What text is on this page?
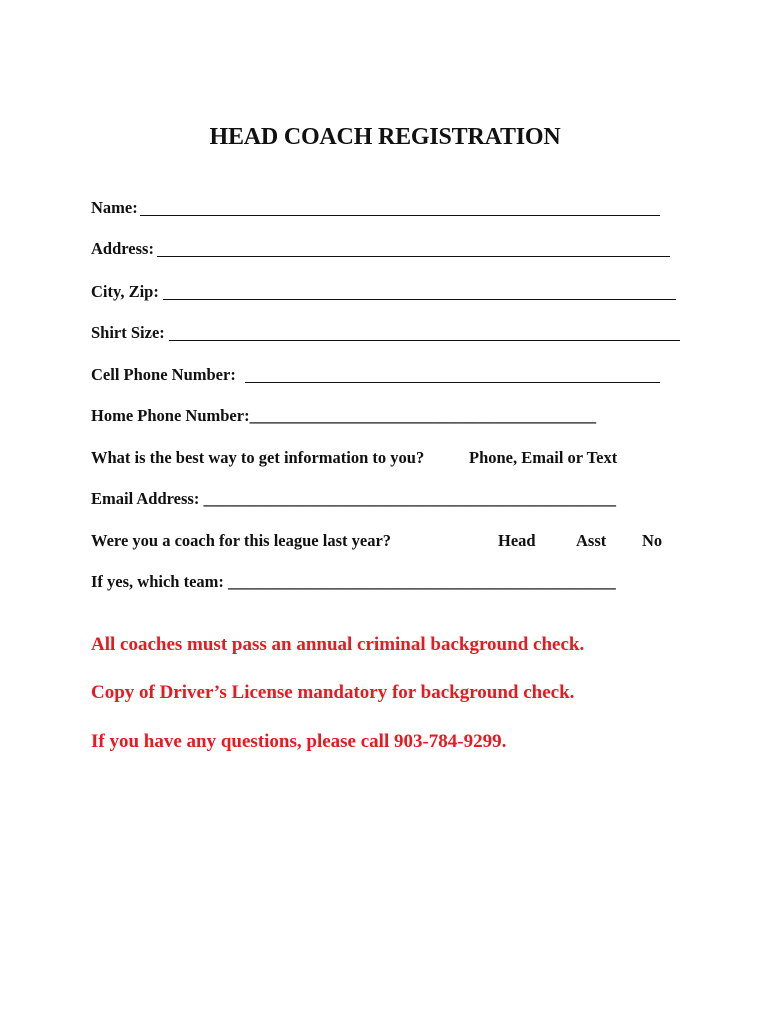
HEAD COACH REGISTRATION
Name:
Address:
City, Zip:
Shirt Size:
Cell Phone Number:
Home Phone Number:__________________________________________
What is the best way to get information to you?	Phone, Email or Text
Email Address: __________________________________________________
Were you a coach for this league last year?	Head Asst No
If yes, which team: _______________________________________________
All coaches must pass an annual criminal background check.
Copy of Driver’s License mandatory for background check.
If you have any questions, please call 903-784-9299.
